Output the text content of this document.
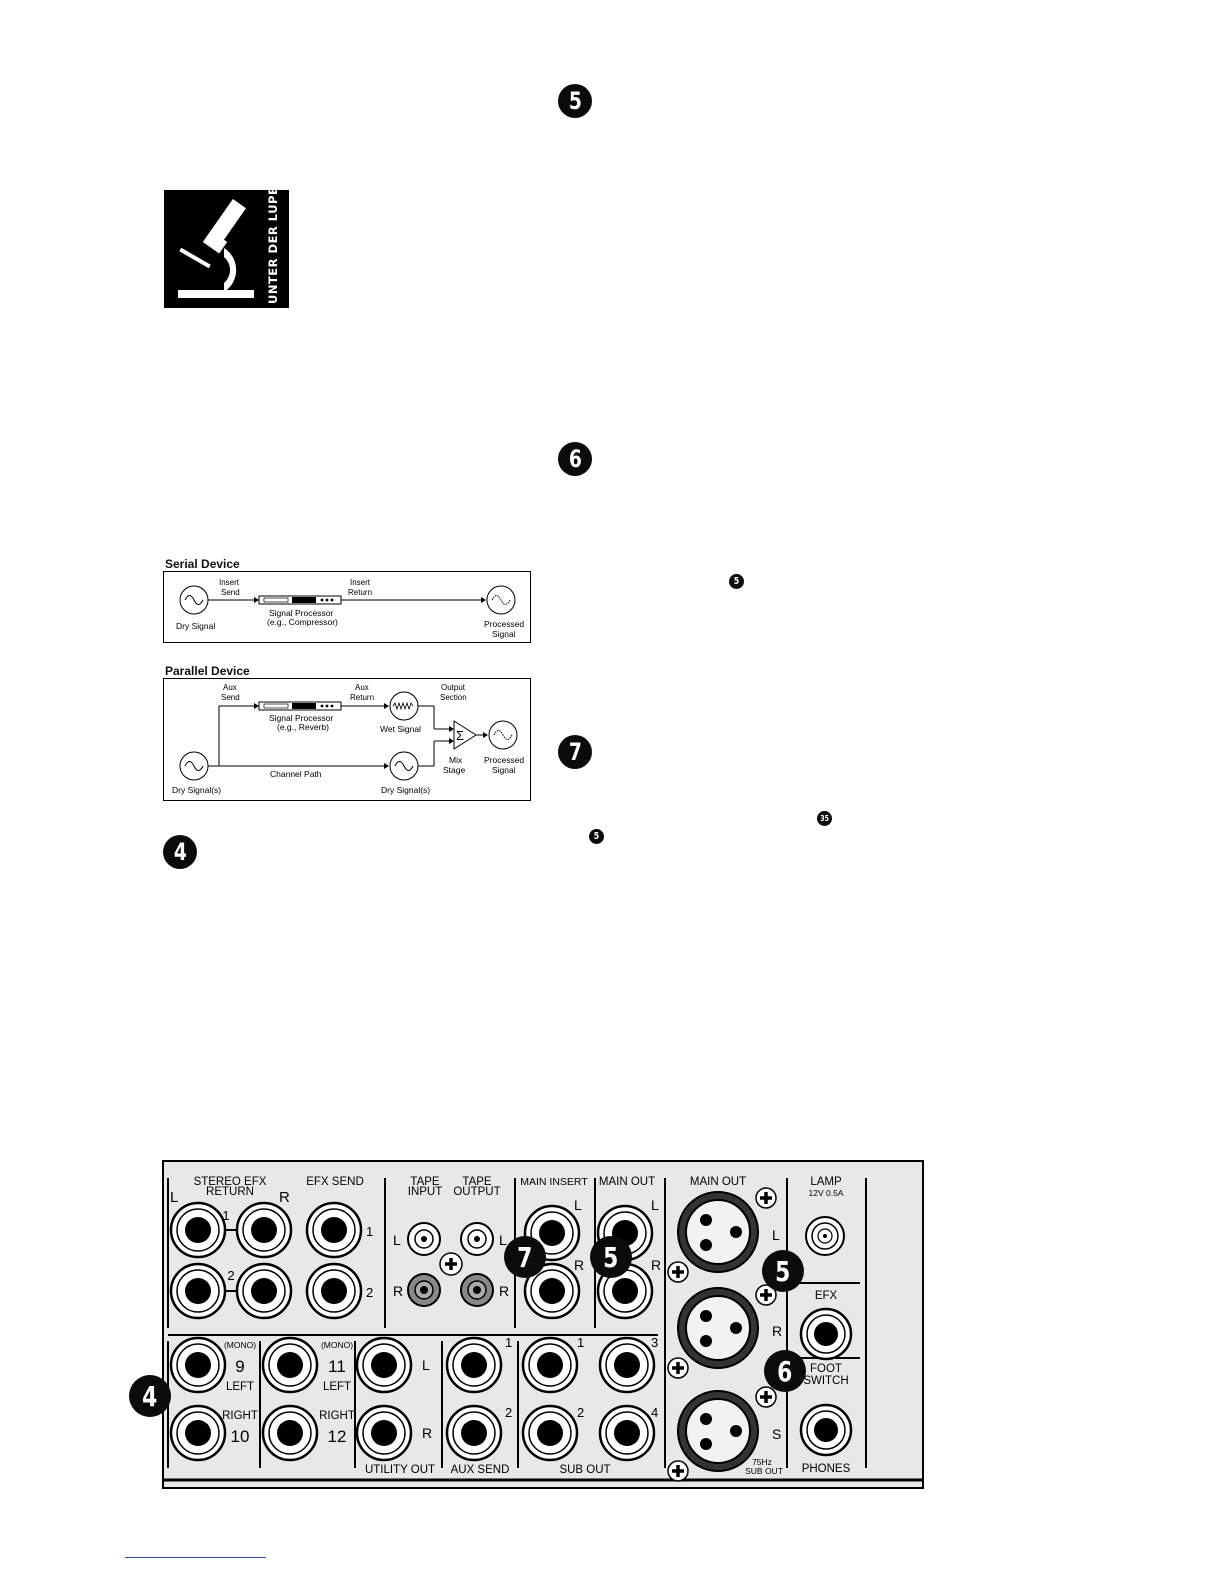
5
6
7
4
5
35
5
UNTER DER LUPE
Serial Device
Dry Signal
Insert
Send
Signal Processor
(e.g., Compressor)
Insert
Return
Processed
Signal
Parallel Device
Aux
Send
Aux
Return
Output
Section
Signal Processor
(e.g., Reverb)	Wet Signal	Σ
Processed
Signal
Mix
Stage
Dry Signal(s)
Channel Path
Dry Signal(s)
STEREO EFX
RETURN
EFX SEND
L	R
1
2
1
2
TAPE
INPUT
TAPE
OUTPUT
L	L
R	R
MAIN INSERT MAIN OUT
L
R
L
R
MAIN OUT
L
R
S
75Hz
SUB OUT
LAMP
12V 0.5A
EFX
FOOT
SWITCH
PHONES
(MONO)
9
LEFT
RIGHT
10
(MONO)
11
LEFT
RIGHT
12
L
R
UTILITY OUT
1
2
AUX SEND
1
2
3
4
SUB OUT
4
7	5	5
6
